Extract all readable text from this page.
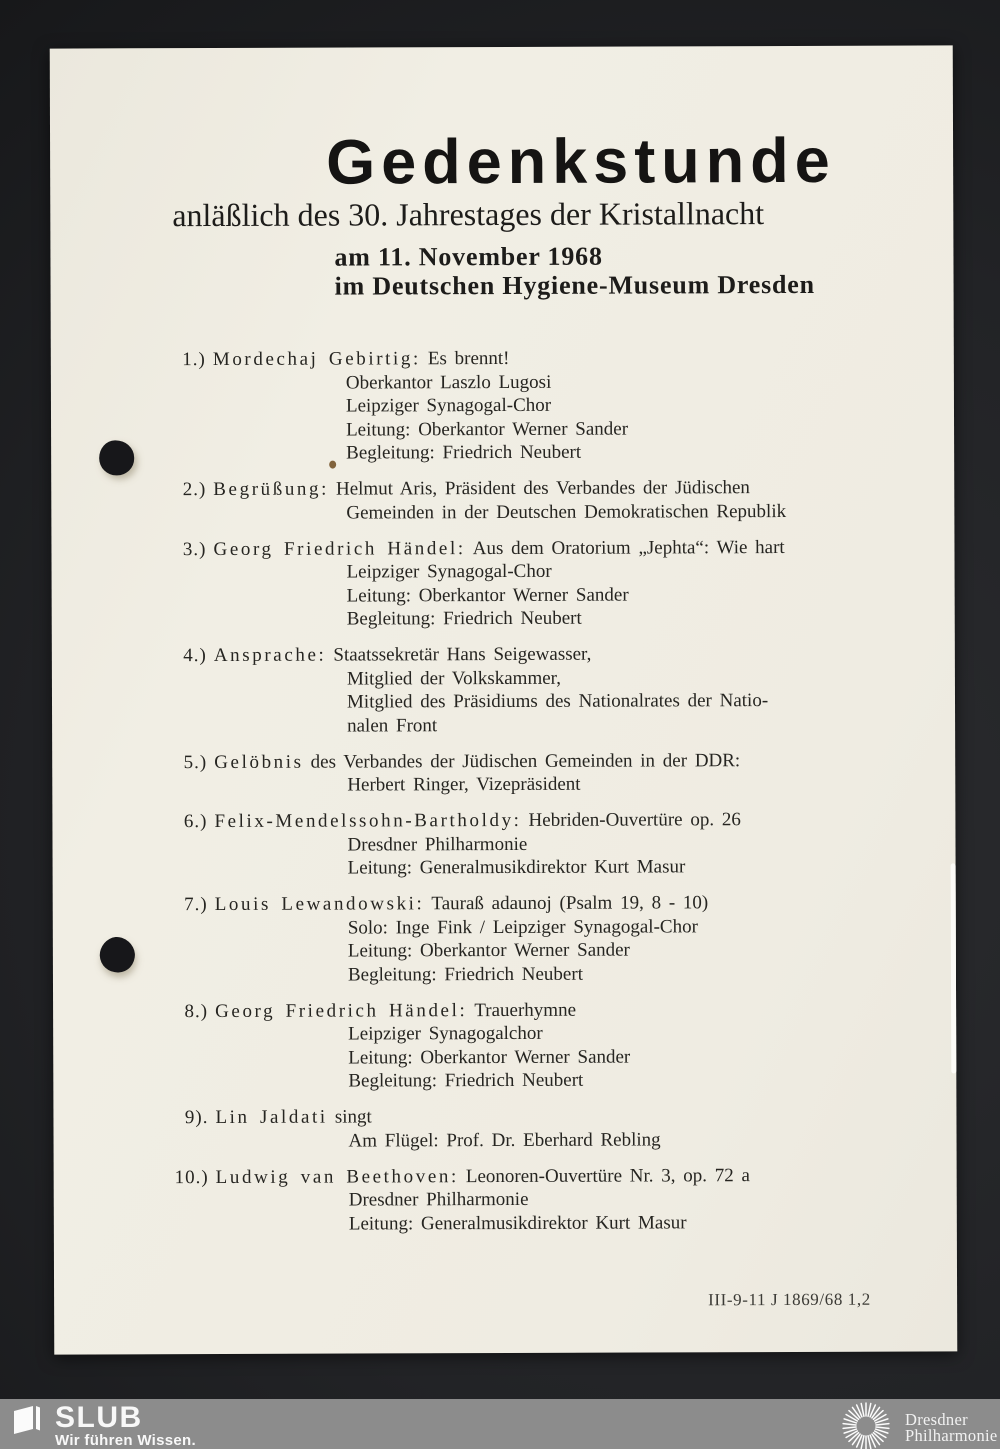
Gedenkstunde
anläßlich des 30. Jahrestages der Kristallnacht
am 11. November 1968
im Deutschen Hygiene-Museum Dresden
1.) Mordechaj Gebirtig: Es brennt!
Oberkantor Laszlo Lugosi
Leipziger Synagogal-Chor
Leitung: Oberkantor Werner Sander
Begleitung: Friedrich Neubert
2.) Begrüßung: Helmut Aris, Präsident des Verbandes der Jüdischen
Gemeinden in der Deutschen Demokratischen Republik
3.) Georg Friedrich Händel: Aus dem Oratorium „Jephta“: Wie hart
Leipziger Synagogal-Chor
Leitung: Oberkantor Werner Sander
Begleitung: Friedrich Neubert
4.) Ansprache: Staatssekretär Hans Seigewasser,
Mitglied der Volkskammer,
Mitglied des Präsidiums des Nationalrates der Natio-
nalen Front
5.) Gelöbnis des Verbandes der Jüdischen Gemeinden in der DDR:
Herbert Ringer, Vizepräsident
6.) Felix-Mendelssohn-Bartholdy: Hebriden-Ouvertüre op. 26
Dresdner Philharmonie
Leitung: Generalmusikdirektor Kurt Masur
7.) Louis Lewandowski: Tauraß adaunoj (Psalm 19, 8 - 10)
Solo: Inge Fink / Leipziger Synagogal-Chor
Leitung: Oberkantor Werner Sander
Begleitung: Friedrich Neubert
8.) Georg Friedrich Händel: Trauerhymne
Leipziger Synagogalchor
Leitung: Oberkantor Werner Sander
Begleitung: Friedrich Neubert
9). Lin Jaldati singt
Am Flügel: Prof. Dr. Eberhard Rebling
10.) Ludwig van Beethoven: Leonoren-Ouvertüre Nr. 3, op. 72 a
Dresdner Philharmonie
Leitung: Generalmusikdirektor Kurt Masur
III-9-11 J 1869/68 1,2
SLUB
Wir führen Wissen.
Dresdner
Philharmonie
